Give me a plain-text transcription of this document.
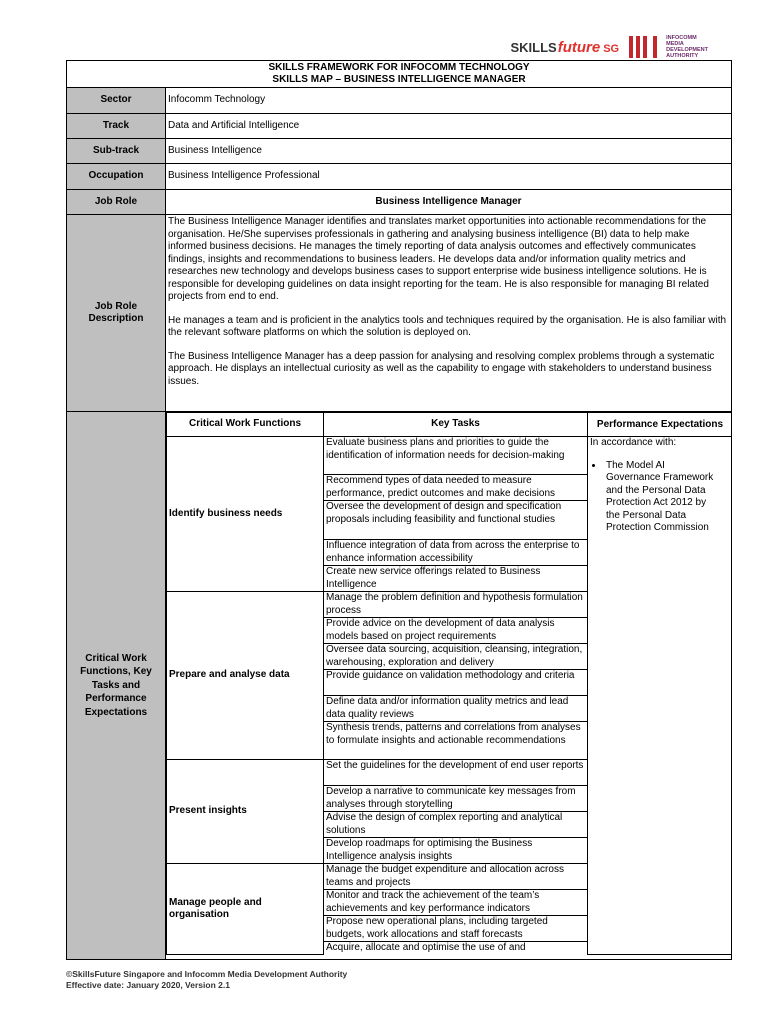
SKILLS future SG
INFOCOMM
MEDIA
DEVELOPMENT
AUTHORITY
SKILLS FRAMEWORK FOR INFOCOMM TECHNOLOGY
SKILLS MAP – BUSINESS INTELLIGENCE MANAGER

Sector	Infocomm Technology
Track	Data and Artificial Intelligence
Sub-track	Business Intelligence
Occupation	Business Intelligence Professional
Job Role	Business Intelligence Manager
Job Role Description	

The Business Intelligence Manager identifies and translates market opportunities into actionable recommendations for the organisation. He/She supervises professionals in gathering and analysing business intelligence (BI) data to help make informed business decisions. He manages the timely reporting of data analysis outcomes and effectively communicates findings, insights and recommendations to business leaders. He develops data and/or information quality metrics and researches new technology and develops business cases to support enterprise wide business intelligence solutions. He is responsible for developing guidelines on data insight reporting for the team. He is also responsible for managing BI related projects from end to end.

He manages a team and is proficient in the analytics tools and techniques required by the organisation. He is also familiar with the relevant software platforms on which the solution is deployed on.

The Business Intelligence Manager has a deep passion for analysing and resolving complex problems through a systematic approach. He displays an intellectual curiosity as well as the capability to engage with stakeholders to understand business issues.

Critical Work Functions, Key Tasks and Performance Expectations	
Critical Work Functions	Key Tasks	Performance Expectations
Identify business needs	Evaluate business plans and priorities to guide the identification of information needs for decision-making	
In accordance with:
• The Model AI Governance Framework and the Personal Data Protection Act 2012 by the Personal Data Protection Commission

Recommend types of data needed to measure performance, predict outcomes and make decisions
Oversee the development of design and specification proposals including feasibility and functional studies
Influence integration of data from across the enterprise to enhance information accessibility
Create new service offerings related to Business Intelligence
Prepare and analyse data	Manage the problem definition and hypothesis formulation process
Provide advice on the development of data analysis models based on project requirements
Oversee data sourcing, acquisition, cleansing, integration, warehousing, exploration and delivery
Provide guidance on validation methodology and criteria
Define data and/or information quality metrics and lead data quality reviews
Synthesis trends, patterns and correlations from analyses to formulate insights and actionable recommendations
Present insights	Set the guidelines for the development of end user reports
Develop a narrative to communicate key messages from analyses through storytelling
Advise the design of complex reporting and analytical solutions
Develop roadmaps for optimising the Business Intelligence analysis insights
Manage people and organisation	Manage the budget expenditure and allocation across teams and projects
Monitor and track the achievement of the team’s achievements and key performance indicators
Propose new operational plans, including targeted budgets, work allocations and staff forecasts
Acquire, allocate and optimise the use of and
©SkillsFuture Singapore and Infocomm Media Development Authority
Effective date: January 2020, Version 2.1
